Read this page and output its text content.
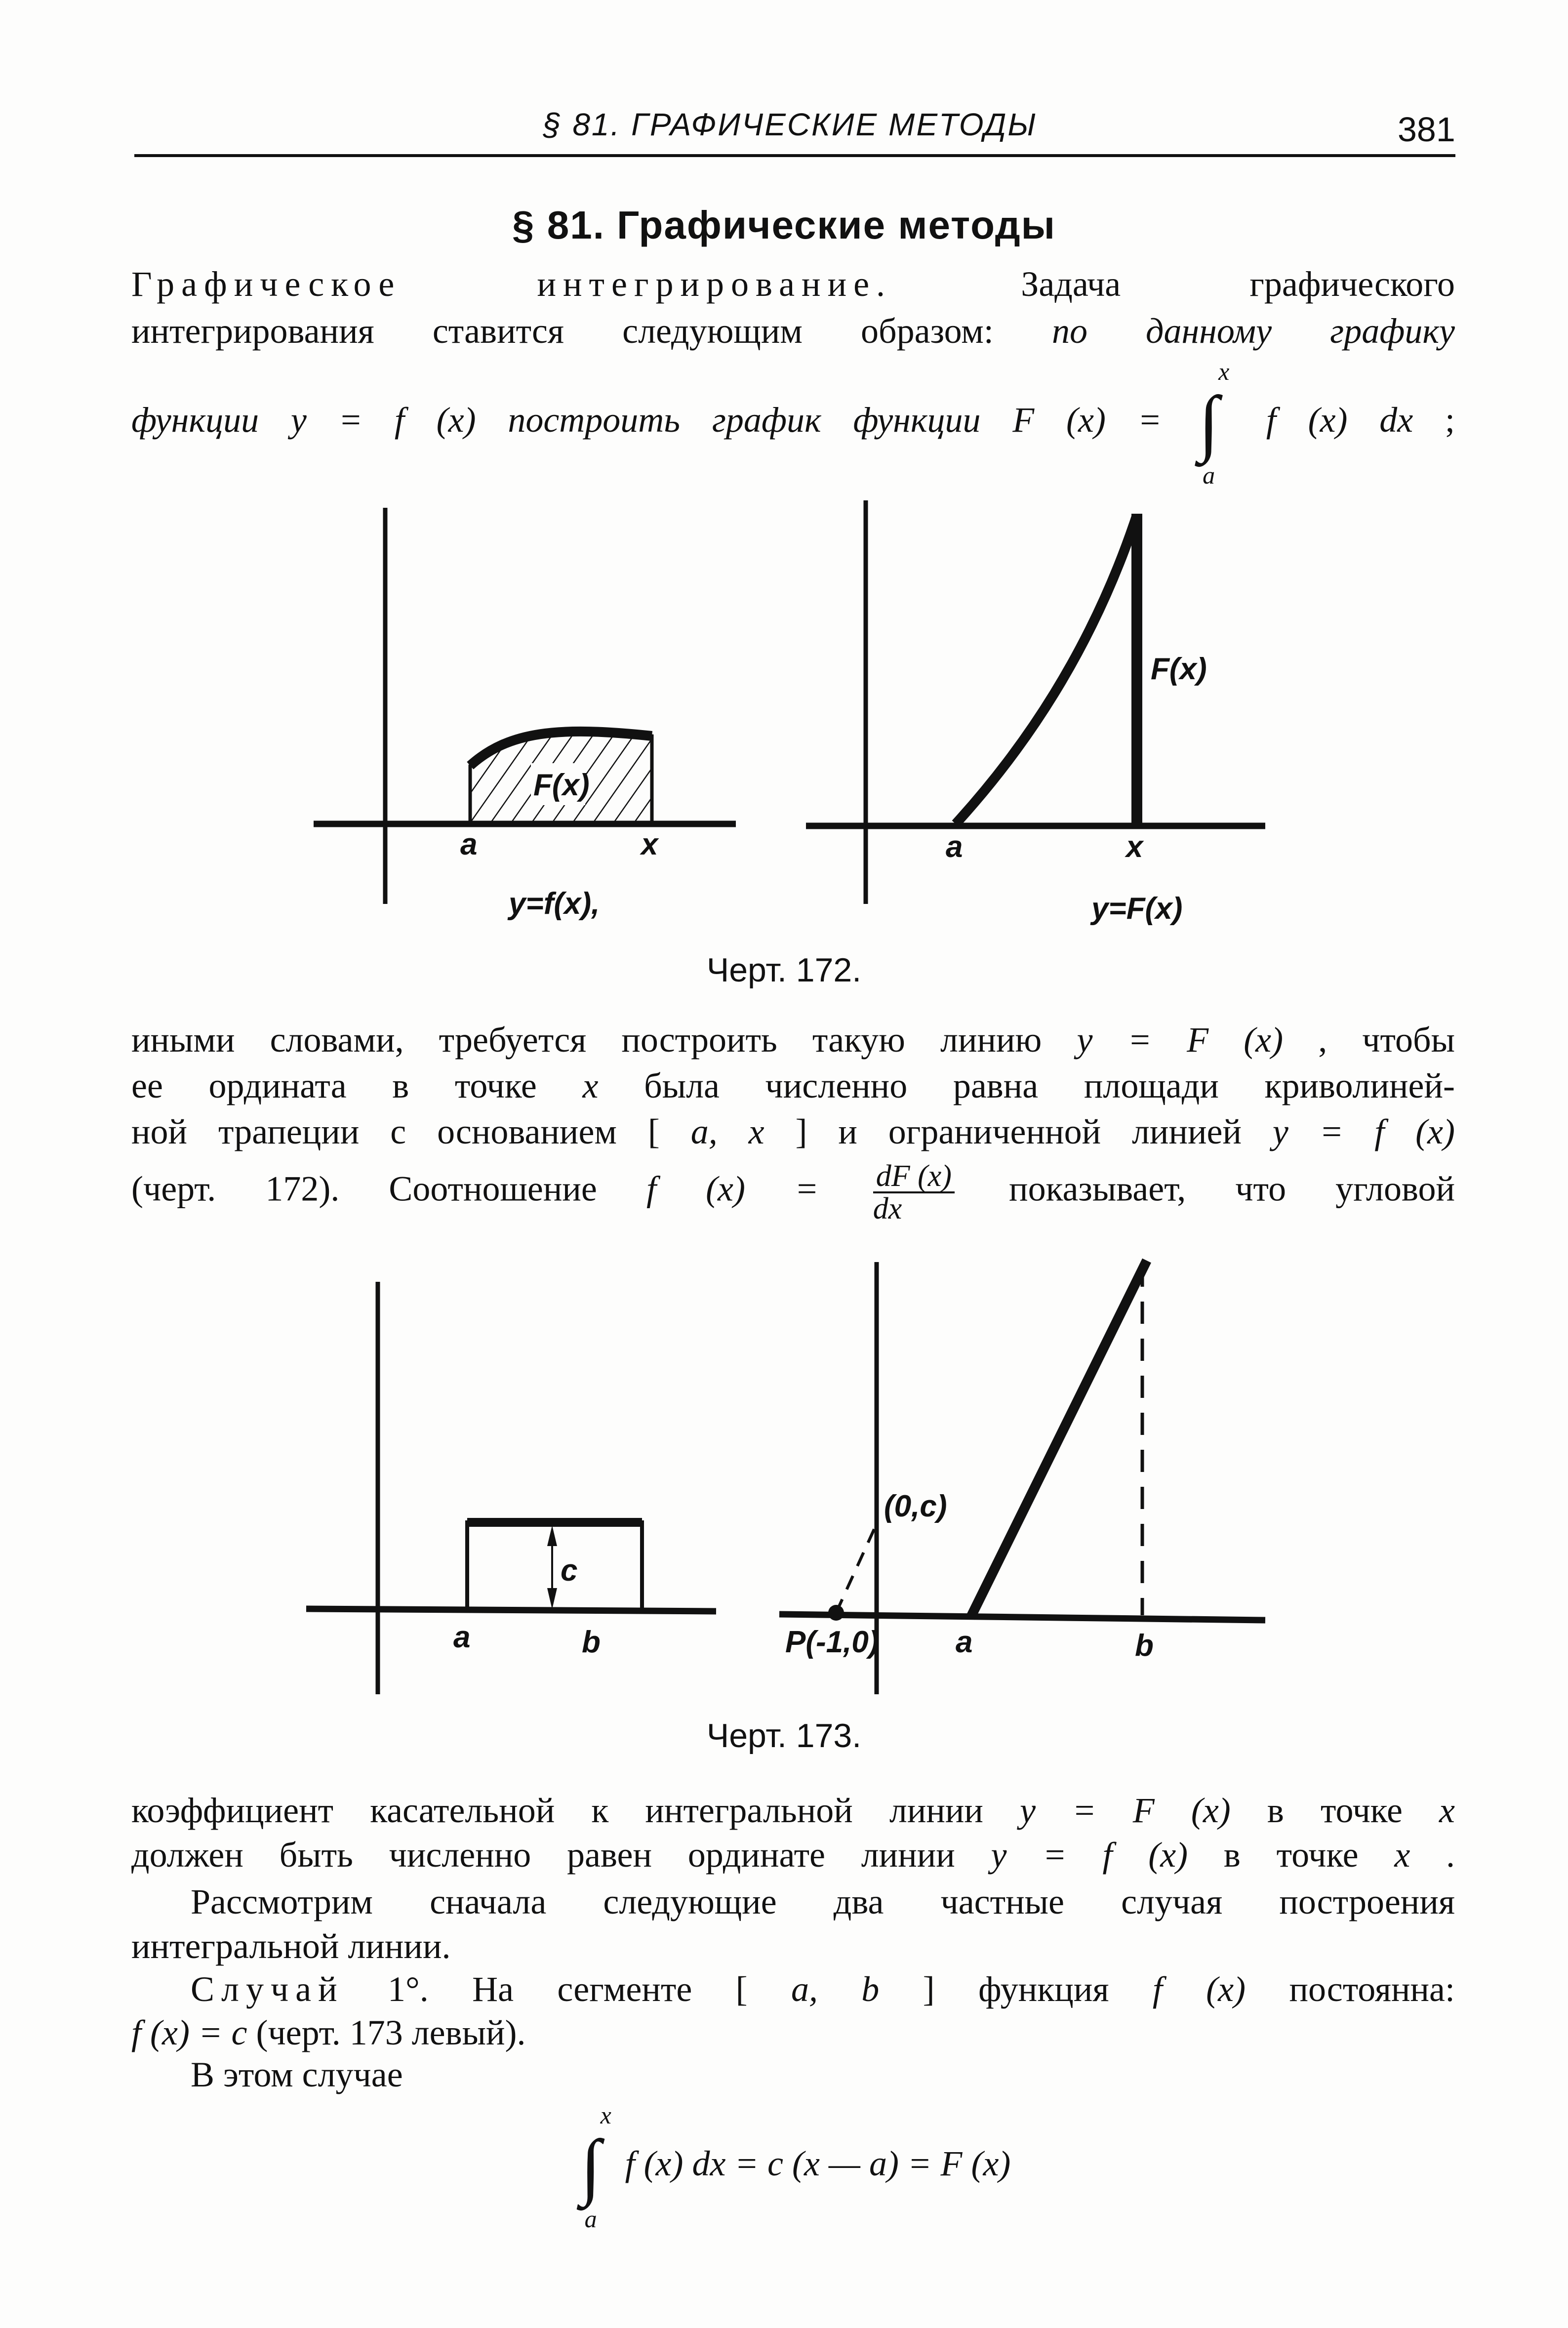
§ 81. ГРАФИЧЕСКИЕ МЕТОДЫ	381
§ 81. Графические методы
Графическое интегрирование.	Задача графического
интегрирования ставится следующим образом: по данному графику
функции y = f (x) построить график функции F (x) = ∫
x
a
f (x) dx ;
иными словами, требуется построить такую линию y = F (x) , чтобы
ее ордината в точке x была численно равна площади криволиней-
ной трапеции с основанием [ a, x ] и ограниченной линией y = f (x)
(черт. 172). Соотношение f $(x) = \frac{dF (x)}{dx}$ показывает, что угловой
коэффициент касательной к интегральной линии y = F (x) в точке x
должен быть численно равен ординате линии y = f (x) в точке x .
Рассмотрим сначала следующие два частные случая построения
интегральной линии.
Случай 1°. На сегменте [ a, b ] функция f (x) постоянна:
f (x) = c (черт. 173 левый).
В этом случае
∫
x
a
f (x) dx = c (x — a) = F (x)
F(x)
a	x
y=f(x),
F(x)
a	x
y=F(x)
c
a	b
(0,c)
P(-1,0)	a	b
Черт. 172.
Черт. 173.
